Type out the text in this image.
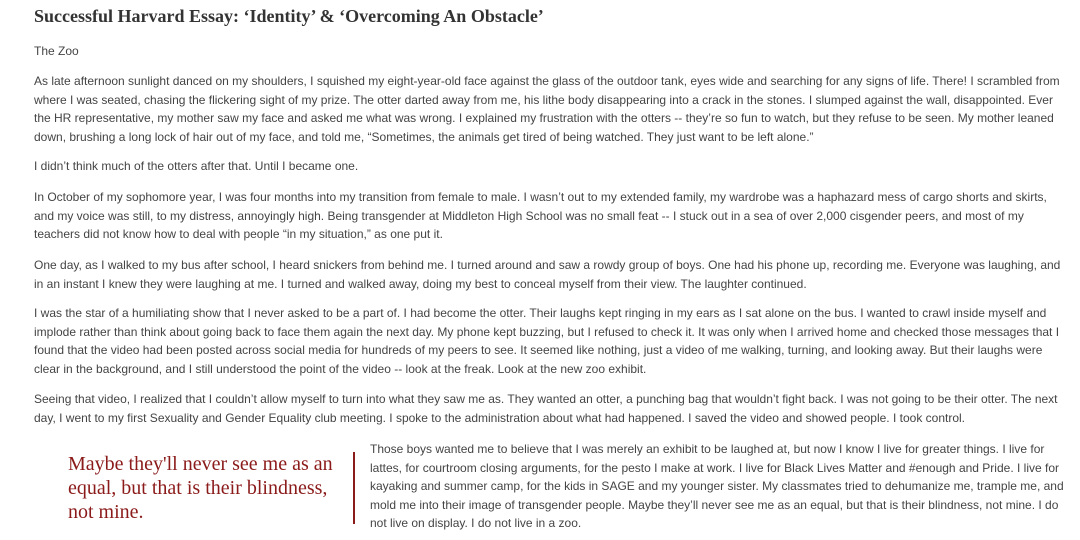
Successful Harvard Essay: ‘Identity’ & ‘Overcoming An Obstacle’

The Zoo

As late afternoon sunlight danced on my shoulders, I squished my eight-year-old face against the glass of the outdoor tank, eyes wide and searching for any signs of life. There! I scrambled from where I was seated, chasing the flickering sight of my prize. The otter darted away from me, his lithe body disappearing into a crack in the stones. I slumped against the wall, disappointed. Ever the HR representative, my mother saw my face and asked me what was wrong. I explained my frustration with the otters -- they’re so fun to watch, but they refuse to be seen. My mother leaned down, brushing a long lock of hair out of my face, and told me, “Sometimes, the animals get tired of being watched. They just want to be left alone.”

I didn’t think much of the otters after that. Until I became one.

In October of my sophomore year, I was four months into my transition from female to male. I wasn’t out to my extended family, my wardrobe was a haphazard mess of cargo shorts and skirts, and my voice was still, to my distress, annoyingly high. Being transgender at Middleton High School was no small feat -- I stuck out in a sea of over 2,000 cisgender peers, and most of my teachers did not know how to deal with people “in my situation,” as one put it.

One day, as I walked to my bus after school, I heard snickers from behind me. I turned around and saw a rowdy group of boys. One had his phone up, recording me. Everyone was laughing, and in an instant I knew they were laughing at me. I turned and walked away, doing my best to conceal myself from their view. The laughter continued.

I was the star of a humiliating show that I never asked to be a part of. I had become the otter. Their laughs kept ringing in my ears as I sat alone on the bus. I wanted to crawl inside myself and implode rather than think about going back to face them again the next day. My phone kept buzzing, but I refused to check it. It was only when I arrived home and checked those messages that I found that the video had been posted across social media for hundreds of my peers to see. It seemed like nothing, just a video of me walking, turning, and looking away. But their laughs were clear in the background, and I still understood the point of the video -- look at the freak. Look at the new zoo exhibit.

Seeing that video, I realized that I couldn’t allow myself to turn into what they saw me as. They wanted an otter, a punching bag that wouldn’t fight back. I was not going to be their otter. The next day, I went to my first Sexuality and Gender Equality club meeting. I spoke to the administration about what had happened. I saved the video and showed people. I took control.

Maybe they'll never see me as an equal, but that is their blindness, not mine.

Those boys wanted me to believe that I was merely an exhibit to be laughed at, but now I know I live for greater things. I live for lattes, for courtroom closing arguments, for the pesto I make at work. I live for Black Lives Matter and #enough and Pride. I live for kayaking and summer camp, for the kids in SAGE and my younger sister. My classmates tried to dehumanize me, trample me, and mold me into their image of transgender people. Maybe they’ll never see me as an equal, but that is their blindness, not mine. I do not live on display. I do not live in a zoo.
